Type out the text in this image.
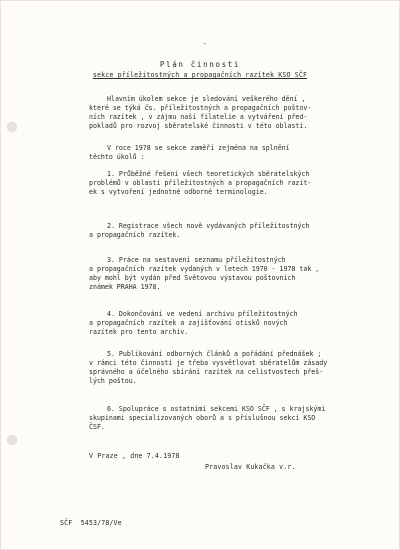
-
Plán činnosti
sekce příležitostných a propagačních razítek KSO SČF
Hlavním úkolem sekce je sledování veškerého dění ,
které se týká čs. příležitostných a propagačních poštov-
ních razítek , v zájmu naší filatelie a vytváření před-
pokladů pro rozvoj sběratelské činnosti v této oblasti.
V roce 1978 se sekce zaměří zejména na splnění
těchto úkolů :
1. Průběžné řešení všech teoretických sběratelských
problémů v oblasti příležitostných a propagačních razít-
ek s vytvoření jednotné odborné terminologie.
2. Registrace všech nově vydávaných příležitostných
a propagačních razítek.
3. Práce na sestavení seznamu příležitostných
a propagačních razítek vydaných v letech 1970 - 1978 tak ,
aby mohl být vydán před Světovou výstavou poštovních
známek PRAHA 1978.
4. Dokončování ve vedení archivu příležitostných
a propagačních razítek a zajišťování otisků nových
razítek pro tento archiv.
5. Publikování odborných článků a pořádání přednášek ;
v rámci této činnosti je třeba vysvětlovat sběratelům zásady
správného a účelného sbírání razítek na celistvostech přeš-
lých poštou.
6. Spolupráce s ostatními sekcemi KSO SČF , s krajskými
skupinami specializovaných oborů a s příslušnou sekcí KSO
ČSF.
V Praze , dne 7.4.1978
Pravoslav Kukačka v.r.
SČF  5453/78/Ve
